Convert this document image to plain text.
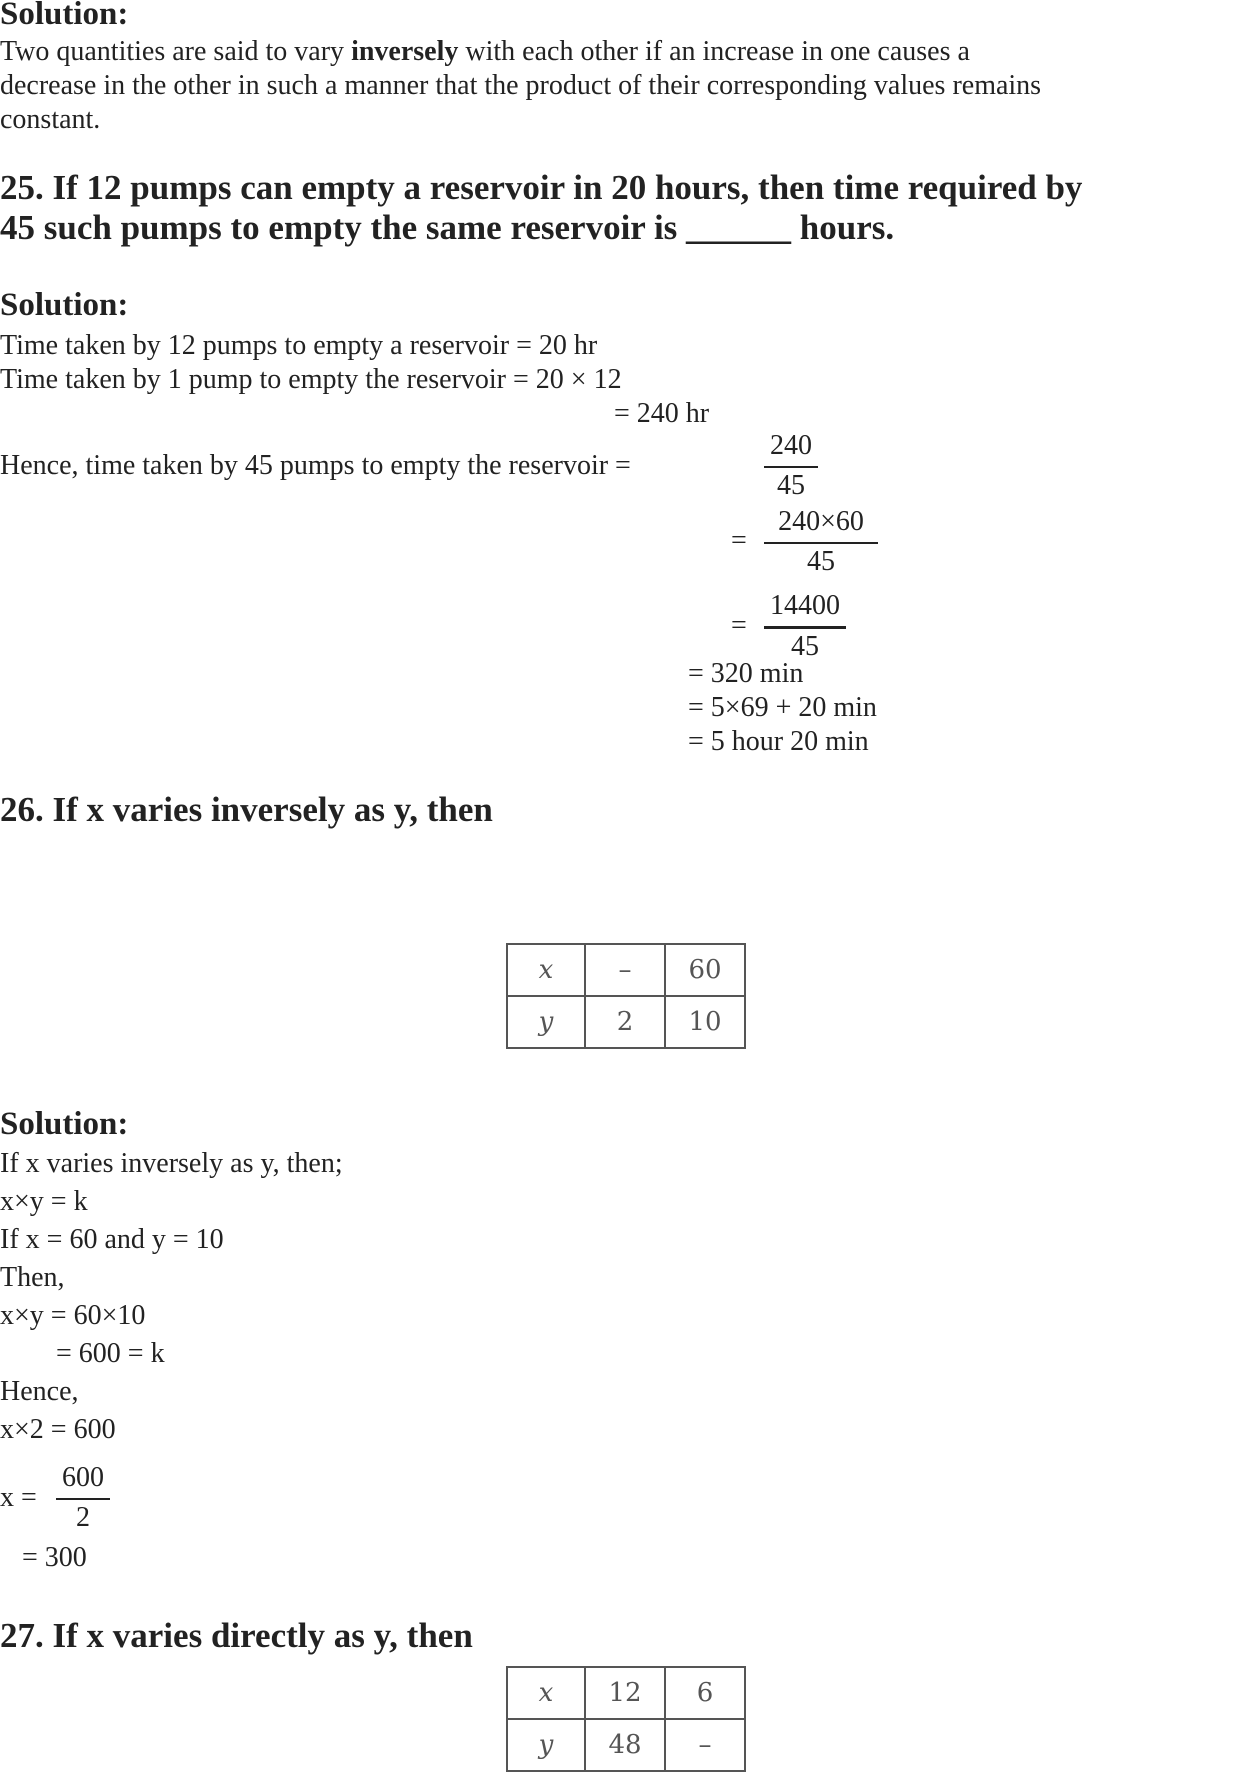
Solution:
Two quantities are said to vary inversely with each other if an increase in one causes a
decrease in the other in such a manner that the product of their corresponding values remains
constant.
25. If 12 pumps can empty a reservoir in 20 hours, then time required by
45 such pumps to empty the same reservoir is ______ hours.
Solution:
Time taken by 12 pumps to empty a reservoir = 20 hr
Time taken by 1 pump to empty the reservoir = 20 × 12
= 240 hr
Hence, time taken by 45 pumps to empty the reservoir =
240
45
=
240×60
45
=
14400
45
= 320 min
= 5×69 + 20 min
= 5 hour 20 min
26. If x varies inversely as y, then
x	–	60
y	2	10
Solution:
If x varies inversely as y, then;
x×y = k
If x = 60 and y = 10
Then,
x×y = 60×10
= 600 = k
Hence,
x×2 = 600
x =
600
2
= 300
27. If x varies directly as y, then
x	12	6
y	48	–
